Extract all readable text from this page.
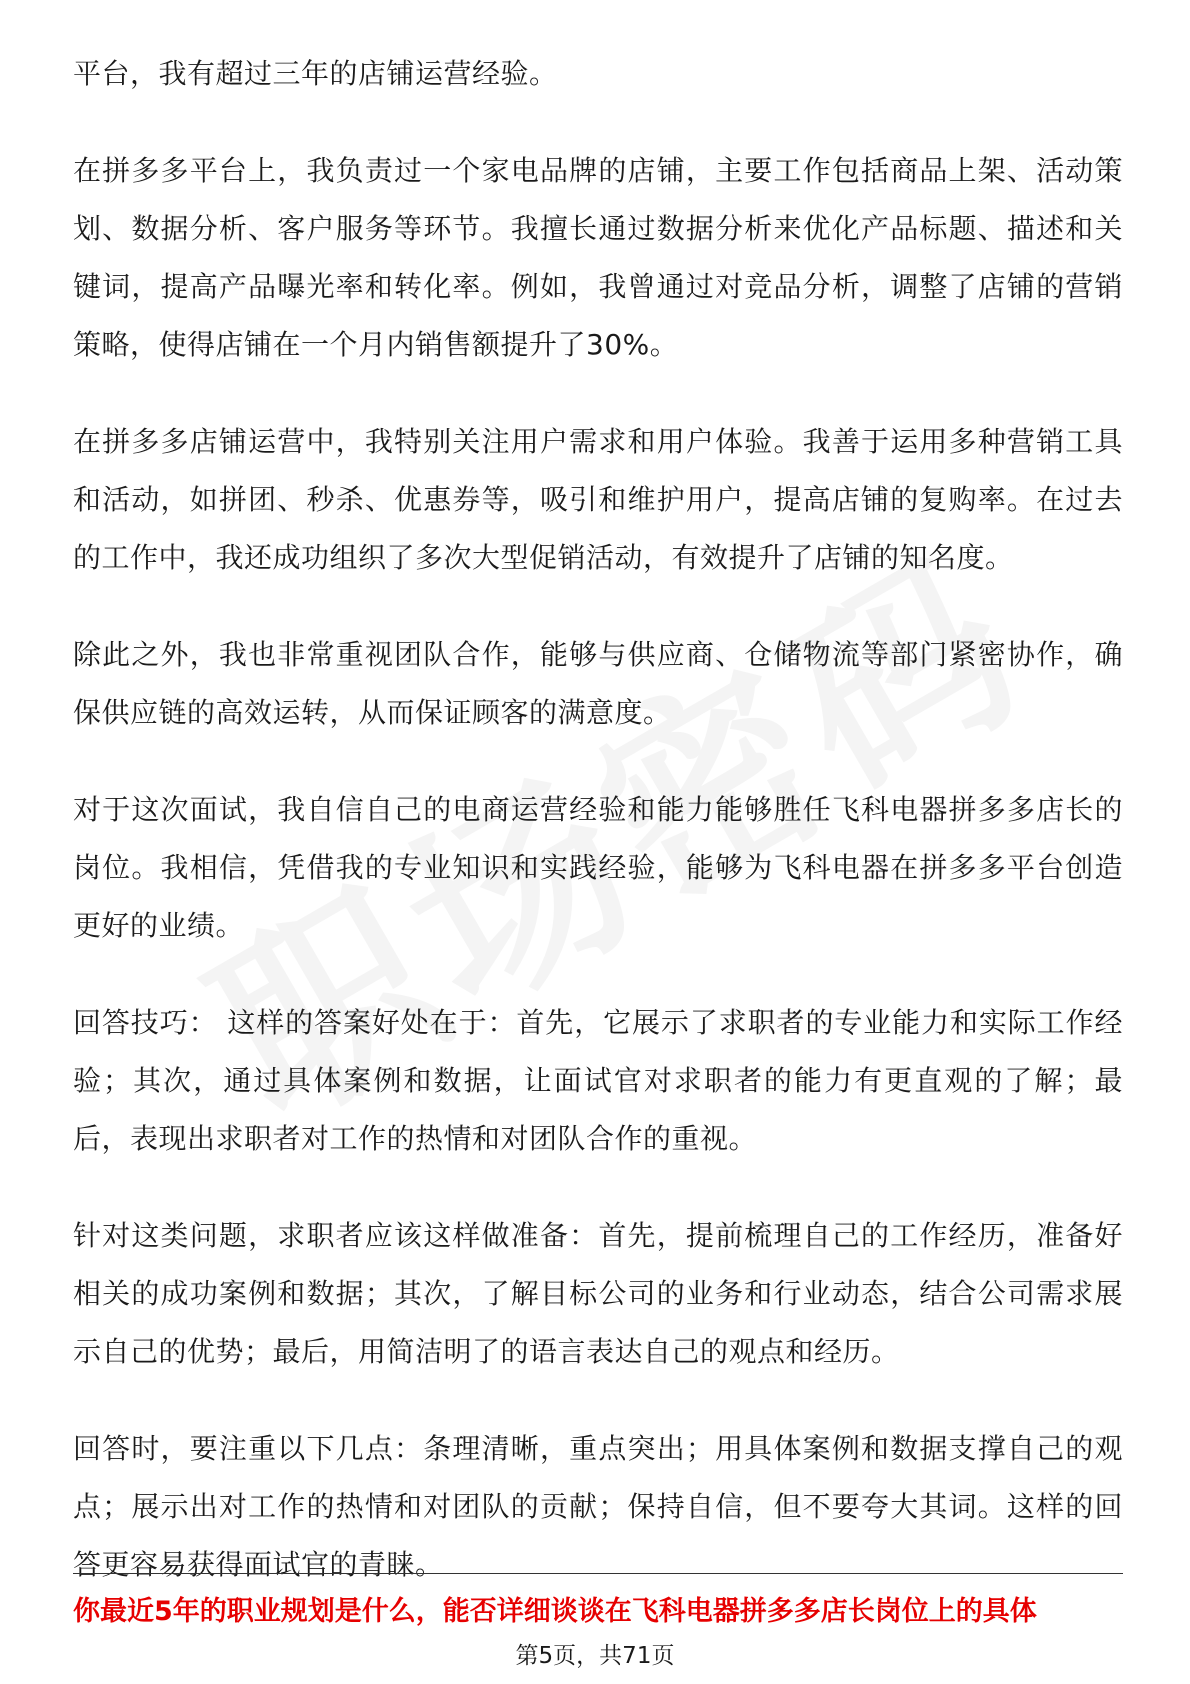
平台，我有超过三年的店铺运营经验。

在拼多多平台上，我负责过一个家电品牌的店铺，主要工作包括商品上架、活动策划、数据分析、客户服务等环节。我擅长通过数据分析来优化产品标题、描述和关键词，提高产品曝光率和转化率。例如，我曾通过对竞品分析，调整了店铺的营销策略，使得店铺在一个月内销售额提升了30%。

在拼多多店铺运营中，我特别关注用户需求和用户体验。我善于运用多种营销工具和活动，如拼团、秒杀、优惠券等，吸引和维护用户，提高店铺的复购率。在过去的工作中，我还成功组织了多次大型促销活动，有效提升了店铺的知名度。

除此之外，我也非常重视团队合作，能够与供应商、仓储物流等部门紧密协作，确保供应链的高效运转，从而保证顾客的满意度。

对于这次面试，我自信自己的电商运营经验和能力能够胜任飞科电器拼多多店长的岗位。我相信，凭借我的专业知识和实践经验，能够为飞科电器在拼多多平台创造更好的业绩。

回答技巧： 这样的答案好处在于：首先，它展示了求职者的专业能力和实际工作经验；其次，通过具体案例和数据，让面试官对求职者的能力有更直观的了解；最后，表现出求职者对工作的热情和对团队合作的重视。

针对这类问题，求职者应该这样做准备：首先，提前梳理自己的工作经历，准备好相关的成功案例和数据；其次，了解目标公司的业务和行业动态，结合公司需求展示自己的优势；最后，用简洁明了的语言表达自己的观点和经历。

回答时，要注重以下几点：条理清晰，重点突出；用具体案例和数据支撑自己的观点；展示出对工作的热情和对团队的贡献；保持自信，但不要夸大其词。这样的回答更容易获得面试官的青睐。

你最近5年的职业规划是什么，能否详细谈谈在飞科电器拼多多店长岗位上的具体
第5页，共71页
